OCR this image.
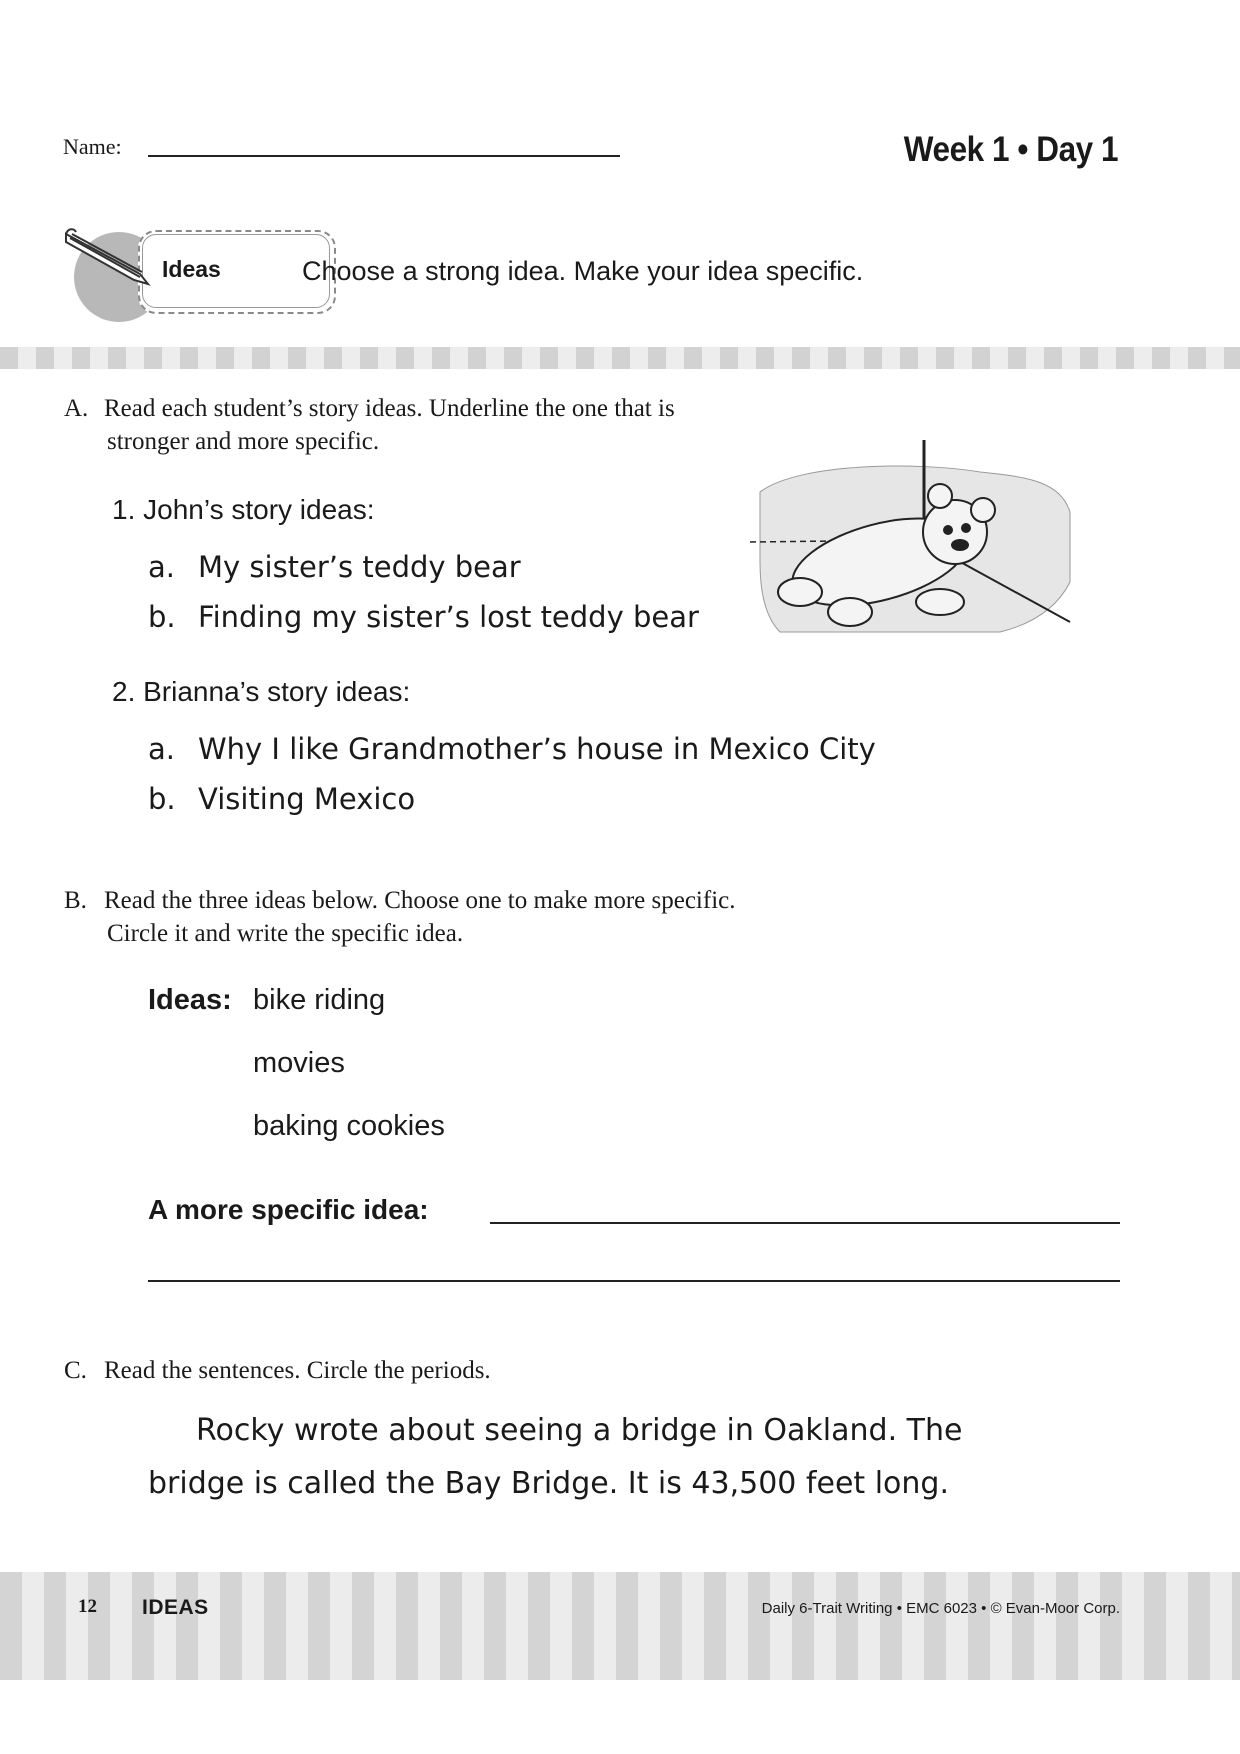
Name:	Week 1 • Day 1
Ideas	Choose a strong idea. Make your idea specific.
A. Read each student’s story ideas. Underline the one that is
stronger and more specific.
1. John’s story ideas:
a. My sister’s teddy bear
b. Finding my sister’s lost teddy bear
2. Brianna’s story ideas:
a. Why I like Grandmother’s house in Mexico City
b. Visiting Mexico
B. Read the three ideas below. Choose one to make more specific.
Circle it and write the specific idea.
Ideas: bike riding
movies
baking cookies
A more specific idea:
C. Read the sentences. Circle the periods.
Rocky wrote about seeing a bridge in Oakland. The
bridge is called the Bay Bridge. It is 43,500 feet long.
12 IDEAS	Daily 6-Trait Writing • EMC 6023 • © Evan-Moor Corp.
